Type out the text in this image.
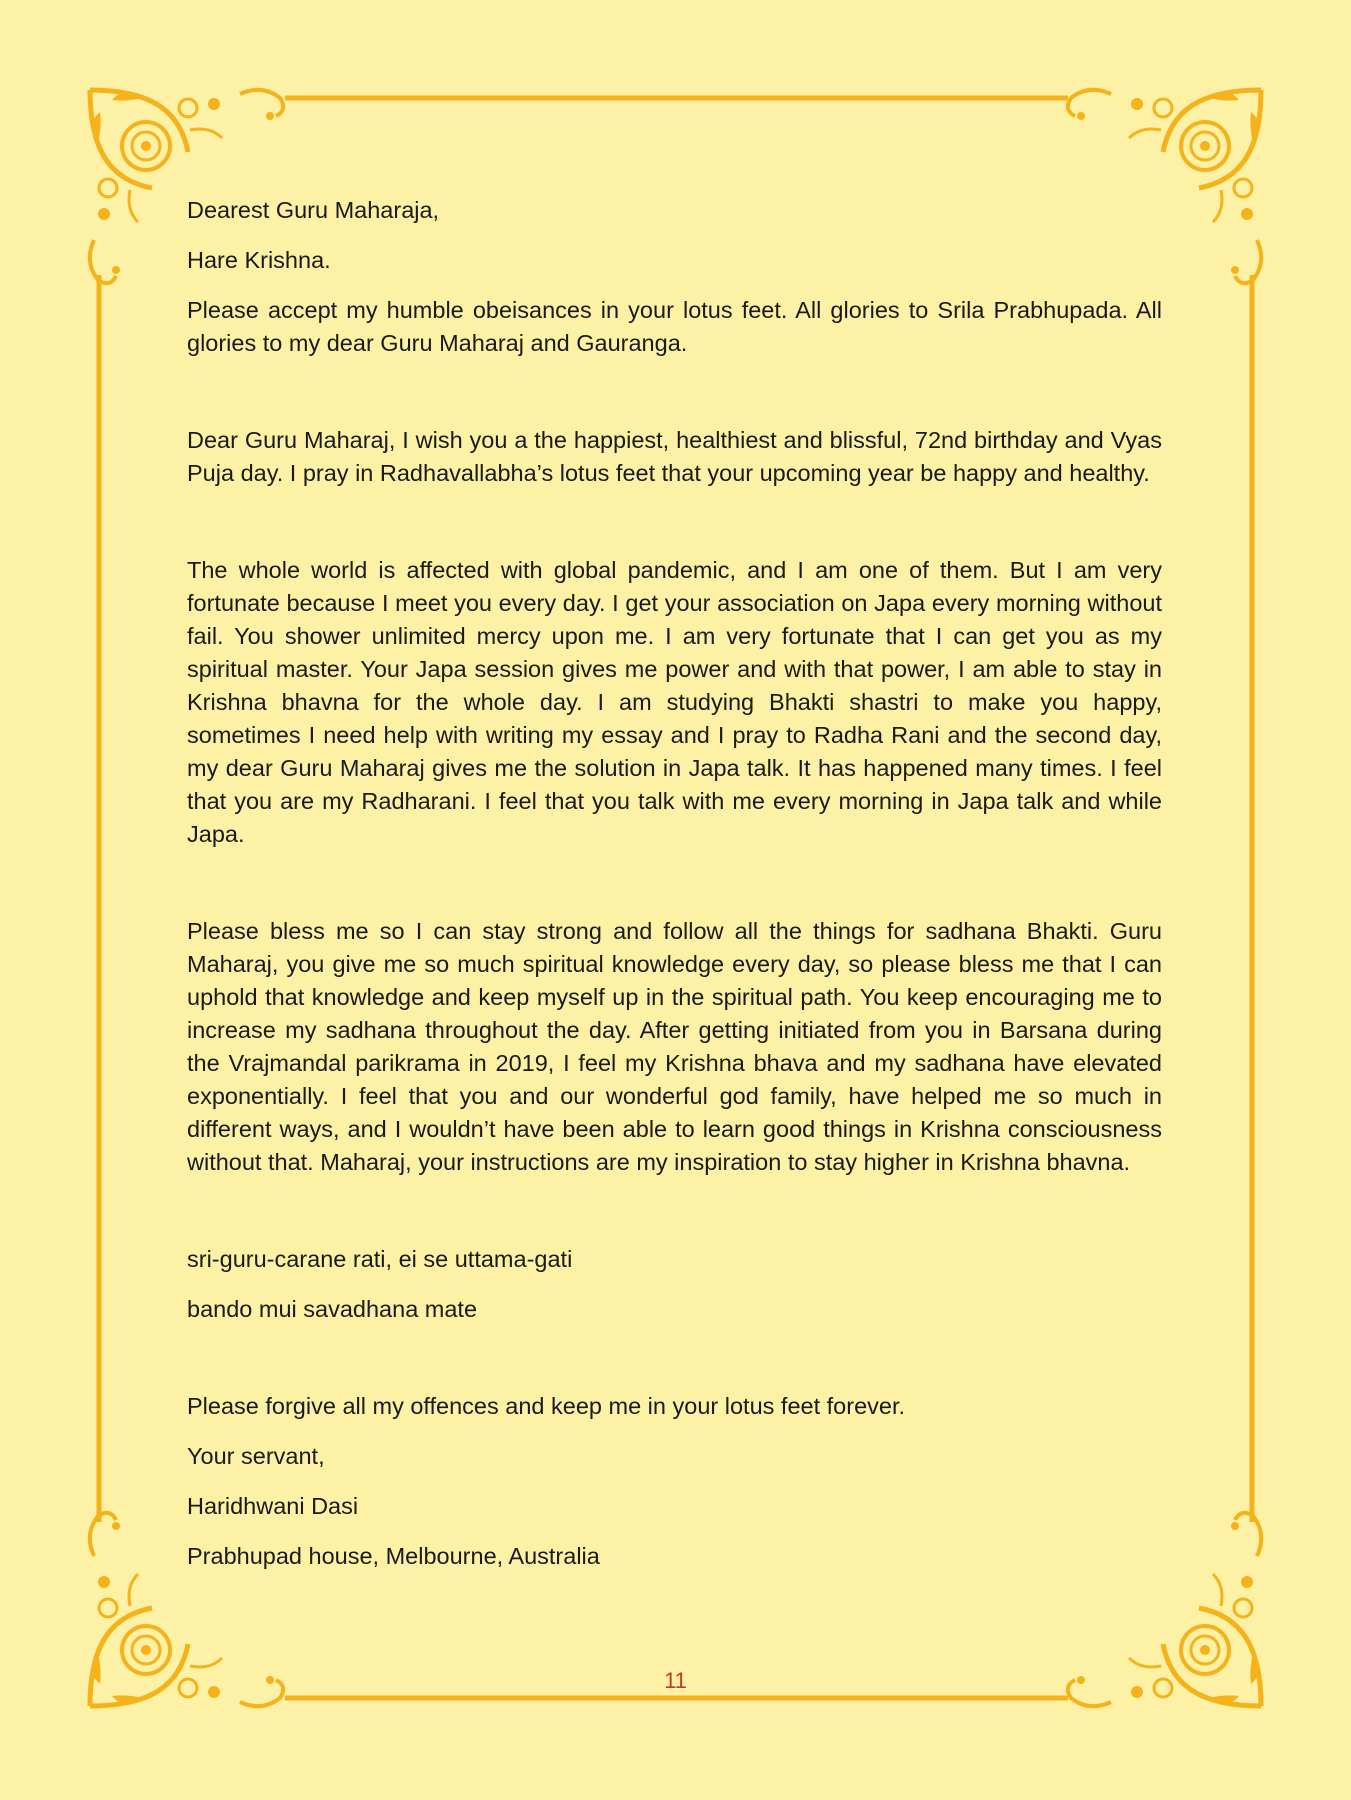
Dearest Guru Maharaja,

Hare Krishna.

Please accept my humble obeisances in your lotus feet. All glories to Srila Prabhupada. All glories to my dear Guru Maharaj and Gauranga.

Dear Guru Maharaj, I wish you a the happiest, healthiest and blissful, 72nd birthday and Vyas Puja day. I pray in Radhavallabha’s lotus feet that your upcoming year be happy and healthy.

The whole world is affected with global pandemic, and I am one of them. But I am very fortunate because I meet you every day. I get your association on Japa every morning without fail. You shower unlimited mercy upon me. I am very fortunate that I can get you as my spiritual master. Your Japa session gives me power and with that power, I am able to stay in Krishna bhavna for the whole day. I am studying Bhakti shastri to make you happy, sometimes I need help with writing my essay and I pray to Radha Rani and the second day, my dear Guru Maharaj gives me the solution in Japa talk. It has happened many times. I feel that you are my Radharani. I feel that you talk with me every morning in Japa talk and while Japa.

Please bless me so I can stay strong and follow all the things for sadhana Bhakti. Guru Maharaj, you give me so much spiritual knowledge every day, so please bless me that I can uphold that knowledge and keep myself up in the spiritual path. You keep encouraging me to increase my sadhana throughout the day. After getting initiated from you in Barsana during the Vrajmandal parikrama in 2019, I feel my Krishna bhava and my sadhana have elevated exponentially. I feel that you and our wonderful god family, have helped me so much in different ways, and I wouldn’t have been able to learn good things in Krishna consciousness without that. Maharaj, your instructions are my inspiration to stay higher in Krishna bhavna.

sri-guru-carane rati, ei se uttama-gati

bando mui savadhana mate

Please forgive all my offences and keep me in your lotus feet forever.

Your servant,

Haridhwani Dasi

Prabhupad house, Melbourne, Australia

11
